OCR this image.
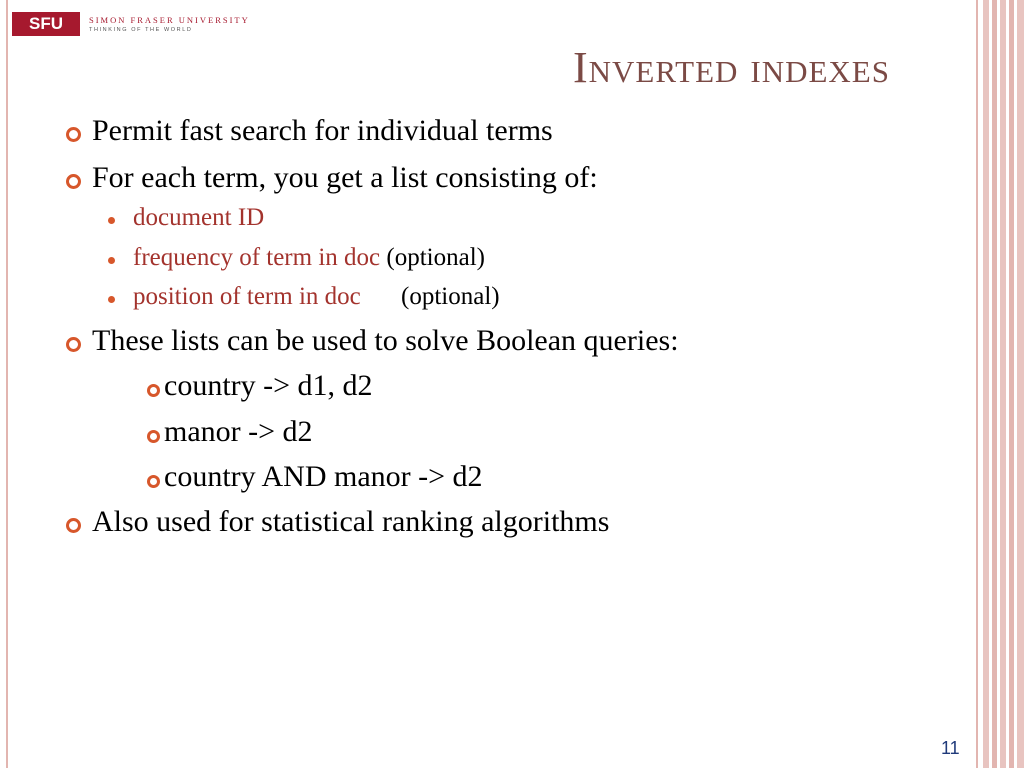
SFU	SIMON FRASER UNIVERSITY
THINKING OF THE WORLD
Inverted indexes
Permit fast search for individual terms
For each term, you get a list consisting of:
document ID
frequency of term in doc (optional)
position of term in doc (optional)
These lists can be used to solve Boolean queries:
country -> d1, d2
manor -> d2
country AND manor -> d2
Also used for statistical ranking algorithms
11
